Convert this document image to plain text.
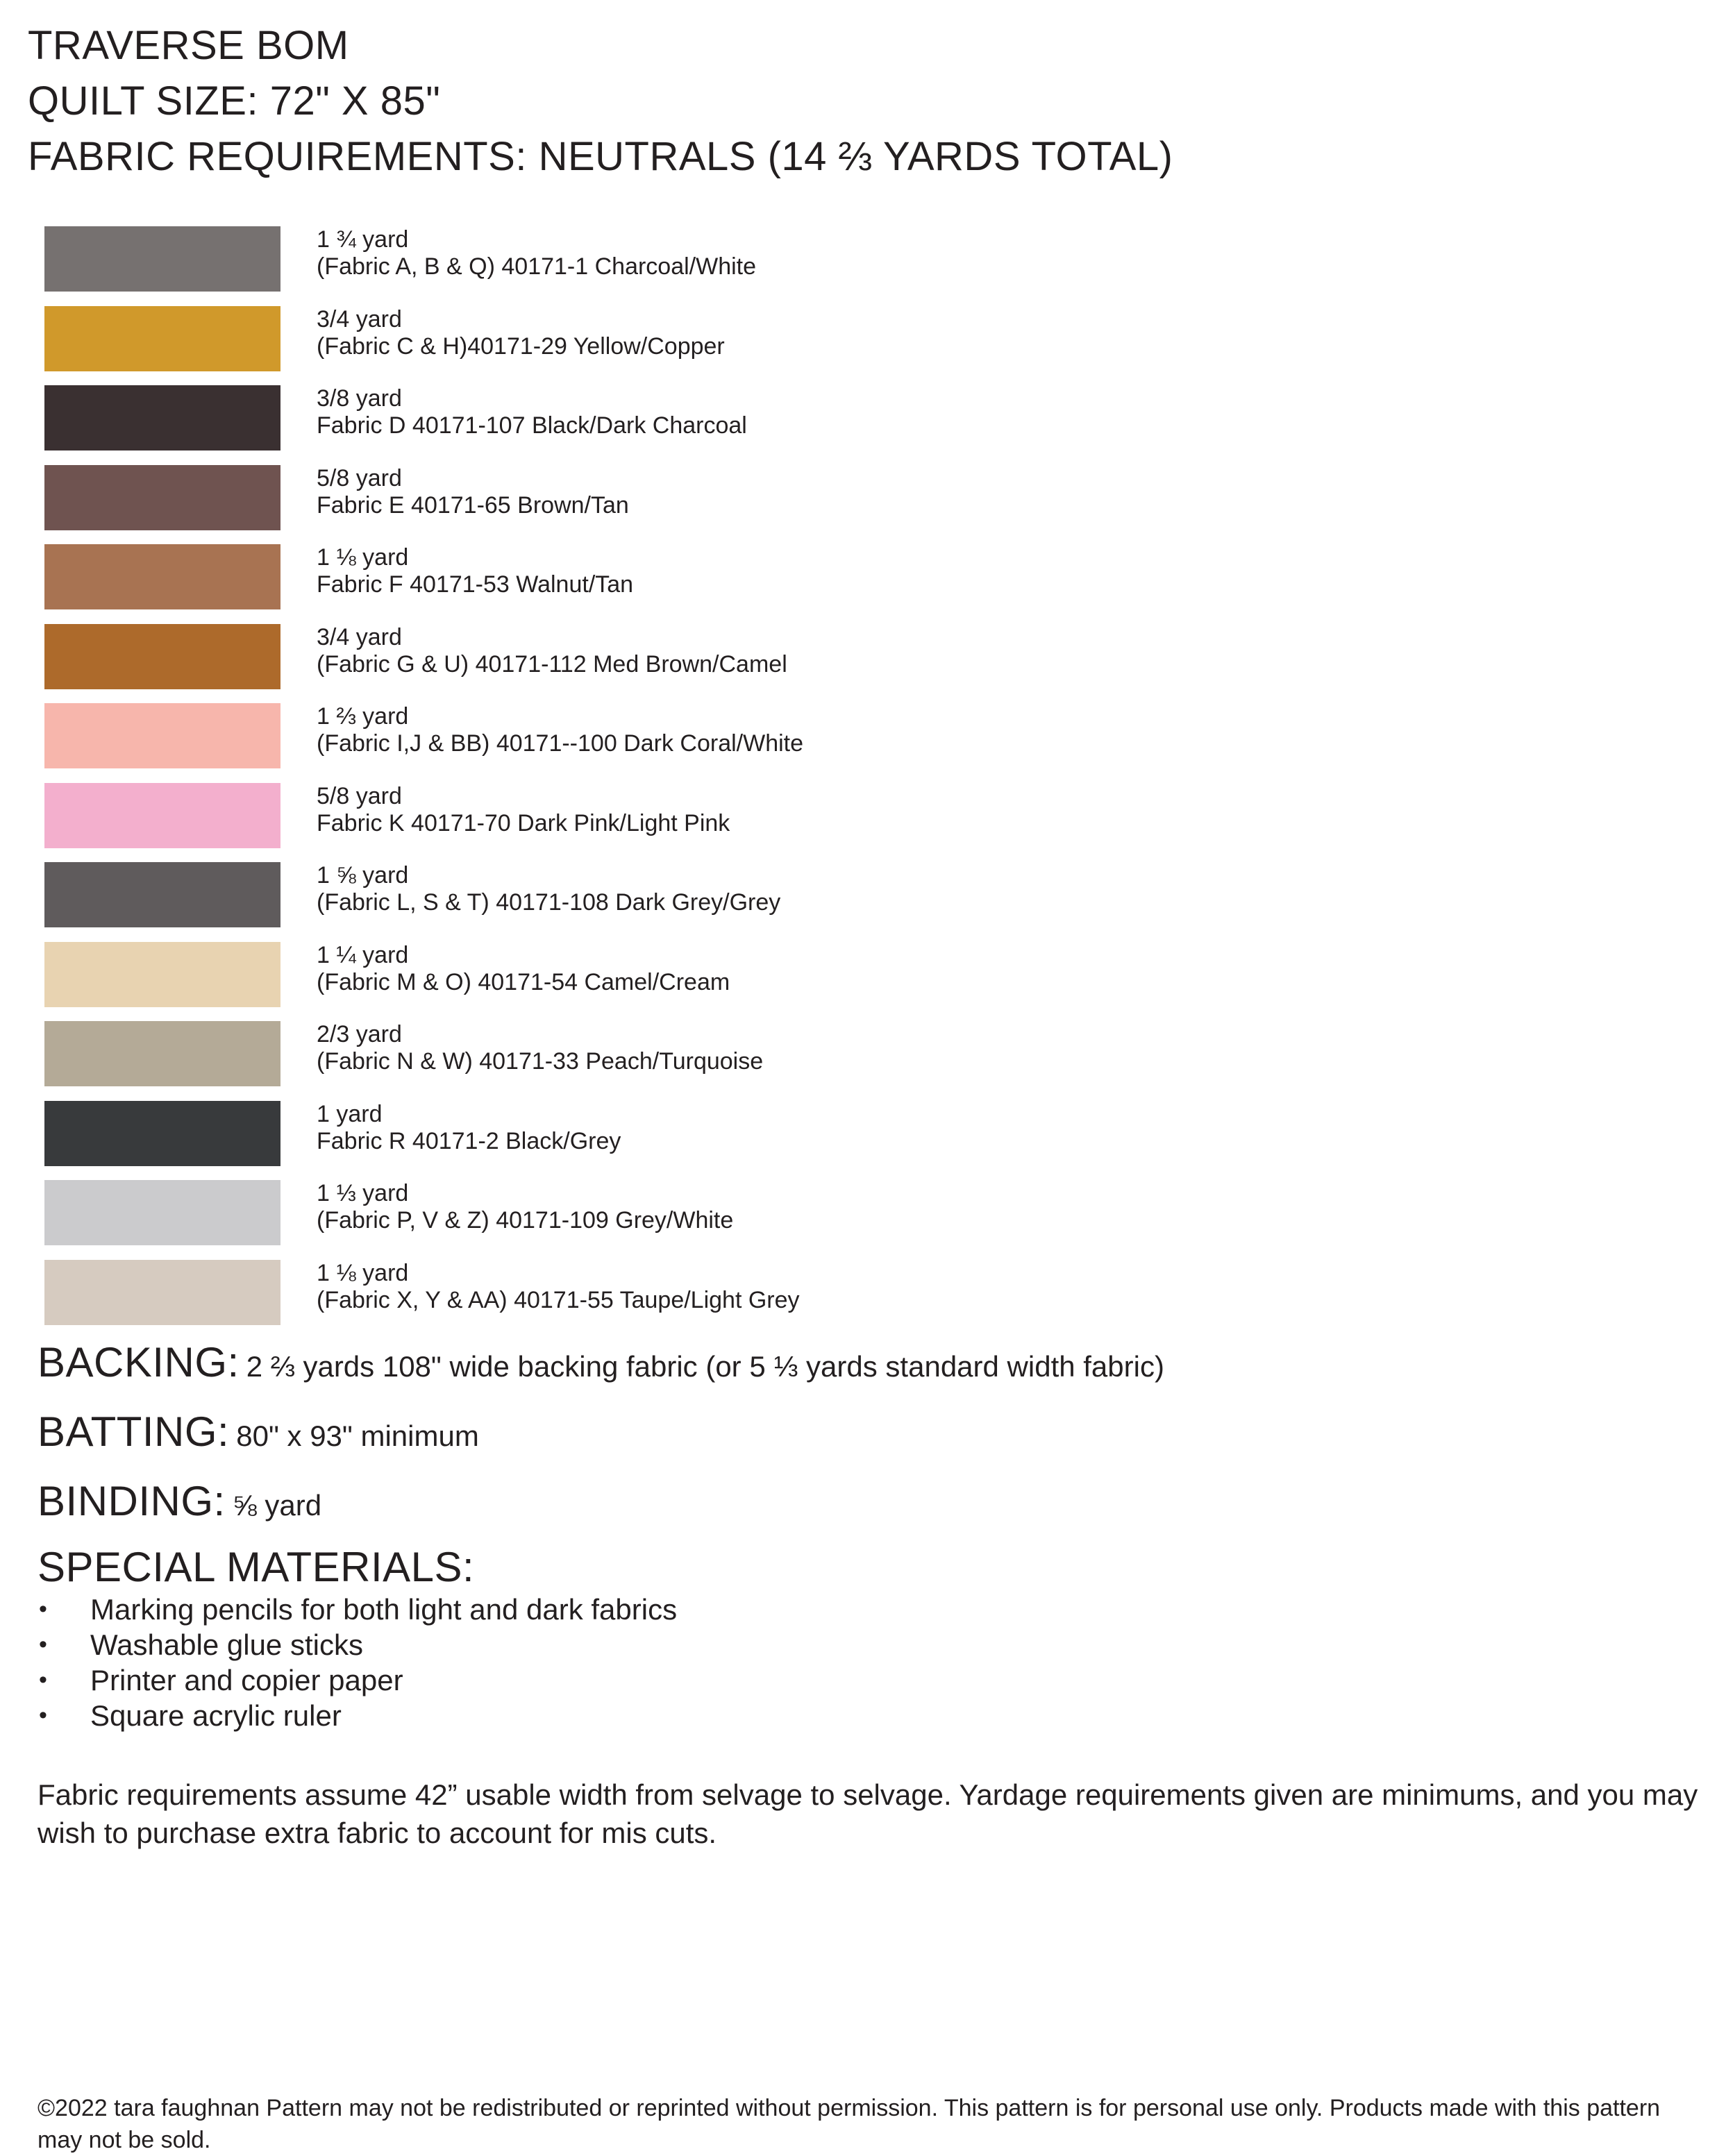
TRAVERSE BOM
QUILT SIZE: 72" X 85"
FABRIC REQUIREMENTS: NEUTRALS (14 ⅔ YARDS TOTAL)
1 ¾ yard
(Fabric A, B & Q) 40171-1 Charcoal/White
3/4 yard
(Fabric C & H)40171-29 Yellow/Copper
3/8 yard
Fabric D 40171-107 Black/Dark Charcoal
5/8 yard
Fabric E 40171-65 Brown/Tan
1 ⅛ yard
Fabric F 40171-53 Walnut/Tan
3/4 yard
(Fabric G & U) 40171-112 Med Brown/Camel
1 ⅔ yard
(Fabric I,J & BB) 40171--100 Dark Coral/White
5/8 yard
Fabric K 40171-70 Dark Pink/Light Pink
1 ⅝ yard
(Fabric L, S & T) 40171-108 Dark Grey/Grey
1 ¼ yard
(Fabric M & O) 40171-54 Camel/Cream
2/3 yard
(Fabric N & W) 40171-33 Peach/Turquoise
1 yard
Fabric R 40171-2 Black/Grey
1 ⅓ yard
(Fabric P, V & Z) 40171-109 Grey/White
1 ⅛ yard
(Fabric X, Y & AA) 40171-55 Taupe/Light Grey
BACKING: 2 ⅔ yards 108" wide backing fabric (or 5 ⅓ yards standard width fabric)
BATTING: 80" x 93" minimum
BINDING: ⅝ yard
SPECIAL MATERIALS:
• Marking pencils for both light and dark fabrics
• Washable glue sticks
• Printer and copier paper
• Square acrylic ruler
Fabric requirements assume 42” usable width from selvage to selvage. Yardage requirements given are minimums, and you may wish to purchase extra fabric to account for mis cuts.
©2022 tara faughnan Pattern may not be redistributed or reprinted without permission. This pattern is for personal use only. Products made with this pattern may not be sold.
